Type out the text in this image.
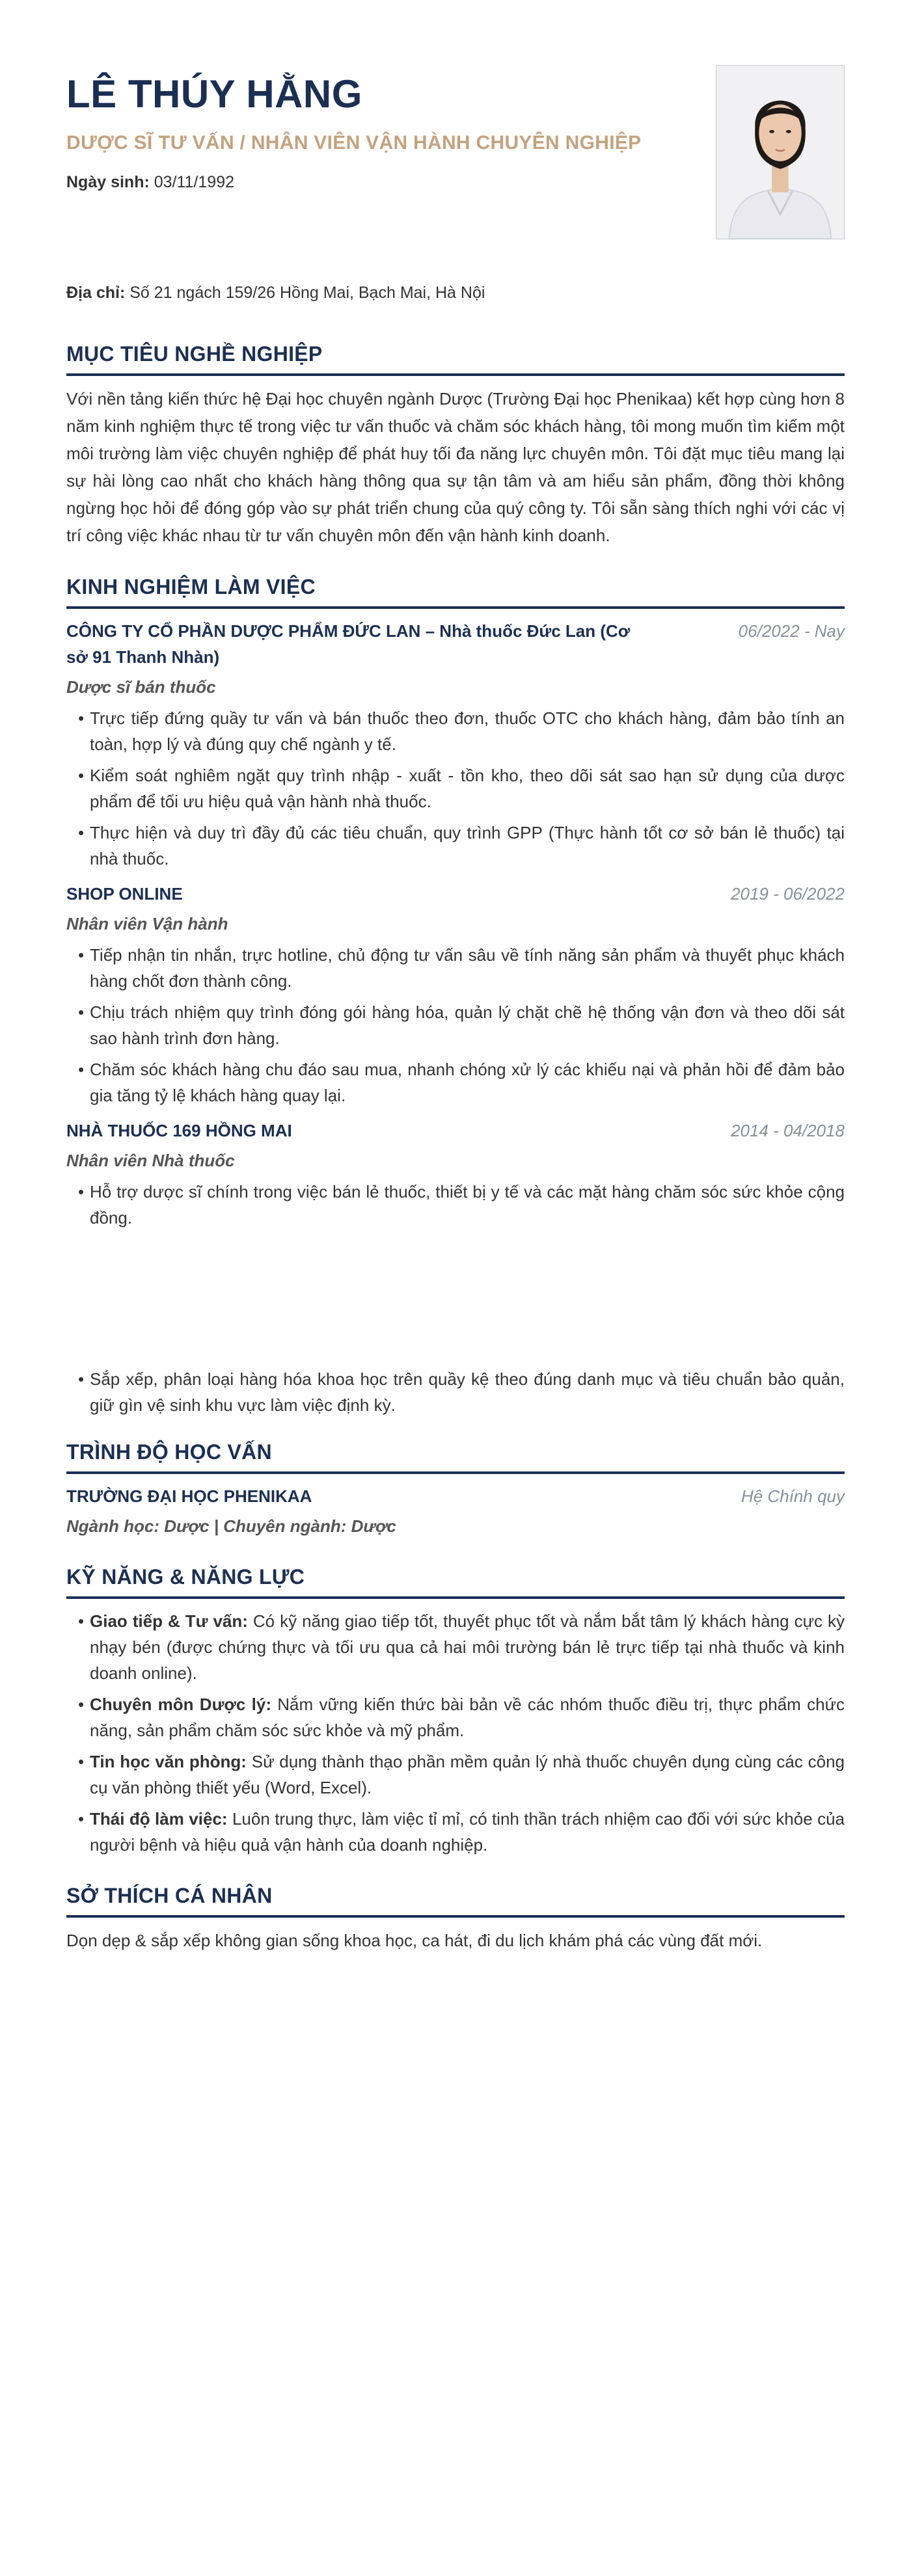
LÊ THÚY HẰNG
DƯỢC SĨ TƯ VẤN / NHÂN VIÊN VẬN HÀNH CHUYÊN NGHIỆP
Ngày sinh: 03/11/1992
Địa chỉ: Số 21 ngách 159/26 Hồng Mai, Bạch Mai, Hà Nội
MỤC TIÊU NGHỀ NGHIỆP

Với nền tảng kiến thức hệ Đại học chuyên ngành Dược (Trường Đại học Phenikaa) kết hợp cùng hơn 8 năm kinh nghiệm thực tế trong việc tư vấn thuốc và chăm sóc khách hàng, tôi mong muốn tìm kiếm một môi trường làm việc chuyên nghiệp để phát huy tối đa năng lực chuyên môn. Tôi đặt mục tiêu mang lại sự hài lòng cao nhất cho khách hàng thông qua sự tận tâm và am hiểu sản phẩm, đồng thời không ngừng học hỏi để đóng góp vào sự phát triển chung của quý công ty. Tôi sẵn sàng thích nghi với các vị trí công việc khác nhau từ tư vấn chuyên môn đến vận hành kinh doanh.

KINH NGHIỆM LÀM VIỆC
CÔNG TY CỔ PHẦN DƯỢC PHẨM ĐỨC LAN – Nhà thuốc Đức Lan (Cơ sở 91 Thanh Nhàn)
06/2022 - Nay
Dược sĩ bán thuốc
• Trực tiếp đứng quầy tư vấn và bán thuốc theo đơn, thuốc OTC cho khách hàng, đảm bảo tính an toàn, hợp lý và đúng quy chế ngành y tế.
• Kiểm soát nghiêm ngặt quy trình nhập - xuất - tồn kho, theo dõi sát sao hạn sử dụng của dược phẩm để tối ưu hiệu quả vận hành nhà thuốc.
• Thực hiện và duy trì đầy đủ các tiêu chuẩn, quy trình GPP (Thực hành tốt cơ sở bán lẻ thuốc) tại nhà thuốc.
SHOP ONLINE	2019 - 06/2022
Nhân viên Vận hành
• Tiếp nhận tin nhắn, trực hotline, chủ động tư vấn sâu về tính năng sản phẩm và thuyết phục khách hàng chốt đơn thành công.
• Chịu trách nhiệm quy trình đóng gói hàng hóa, quản lý chặt chẽ hệ thống vận đơn và theo dõi sát sao hành trình đơn hàng.
• Chăm sóc khách hàng chu đáo sau mua, nhanh chóng xử lý các khiếu nại và phản hồi để đảm bảo gia tăng tỷ lệ khách hàng quay lại.
NHÀ THUỐC 169 HỒNG MAI	2014 - 04/2018
Nhân viên Nhà thuốc
• Hỗ trợ dược sĩ chính trong việc bán lẻ thuốc, thiết bị y tế và các mặt hàng chăm sóc sức khỏe cộng đồng.
• Sắp xếp, phân loại hàng hóa khoa học trên quầy kệ theo đúng danh mục và tiêu chuẩn bảo quản, giữ gìn vệ sinh khu vực làm việc định kỳ.
TRÌNH ĐỘ HỌC VẤN
TRƯỜNG ĐẠI HỌC PHENIKAA	Hệ Chính quy
Ngành học: Dược | Chuyên ngành: Dược
KỸ NĂNG & NĂNG LỰC
• Giao tiếp & Tư vấn: Có kỹ năng giao tiếp tốt, thuyết phục tốt và nắm bắt tâm lý khách hàng cực kỳ nhạy bén (được chứng thực và tối ưu qua cả hai môi trường bán lẻ trực tiếp tại nhà thuốc và kinh doanh online).
• Chuyên môn Dược lý: Nắm vững kiến thức bài bản về các nhóm thuốc điều trị, thực phẩm chức năng, sản phẩm chăm sóc sức khỏe và mỹ phẩm.
• Tin học văn phòng: Sử dụng thành thạo phần mềm quản lý nhà thuốc chuyên dụng cùng các công cụ văn phòng thiết yếu (Word, Excel).
• Thái độ làm việc: Luôn trung thực, làm việc tỉ mỉ, có tinh thần trách nhiệm cao đối với sức khỏe của người bệnh và hiệu quả vận hành của doanh nghiệp.
SỞ THÍCH CÁ NHÂN

Dọn dẹp & sắp xếp không gian sống khoa học, ca hát, đi du lịch khám phá các vùng đất mới.
